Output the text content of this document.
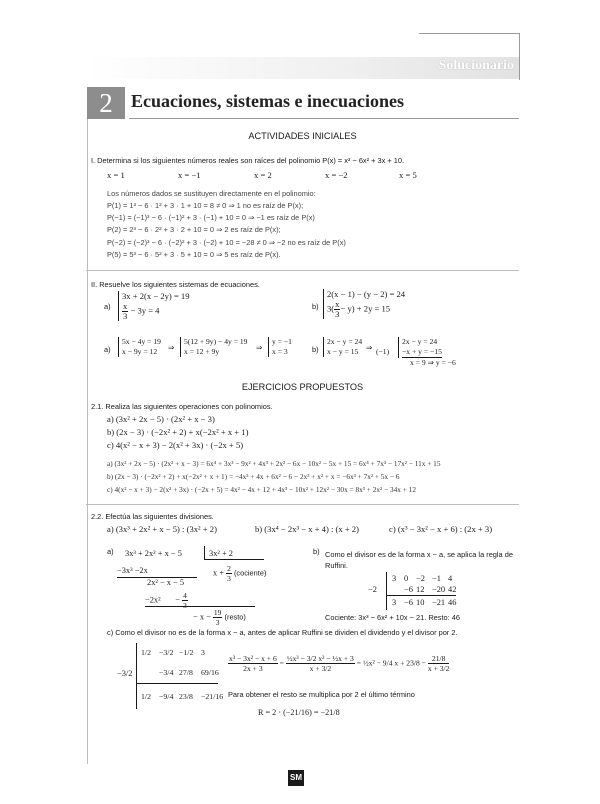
Solucionario
2	Ecuaciones, sistemas e inecuaciones
ACTIVIDADES INICIALES
I. Determina si los siguientes números reales son raíces del polinomio P(x) = x³ − 6x² + 3x + 10.
x = 1	x = −1	x = 2	x = −2	x = 5
Los números dados se sustituyen directamente en el polinomio:
P(1) = 1³ − 6 · 1² + 3 · 1 + 10 = 8 ≠ 0 ⇒ 1 no es raíz de P(x);
P(−1) = (−1)³ − 6 · (−1)² + 3 · (−1) + 10 = 0 ⇒ −1 es raíz de P(x)
P(2) = 2³ − 6 · 2² + 3 · 2 + 10 = 0 ⇒ 2 es raíz de P(x);
P(−2) = (−2)³ − 6 · (−2)² + 3 · (−2) + 10 = −28 ≠ 0 ⇒ −2 no es raíz de P(x)
P(5) = 5³ − 6 · 5² + 3 · 5 + 10 = 0 ⇒ 5 es raíz de P(x).
II. Resuelve los siguientes sistemas de ecuaciones.
a)
3x + 2(x − 2y) = 19
$\frac{x}{3} - 3y = 4$	b)
2(x − 1) − (y − 2) = 24
$3( \frac{x}{3} - y) + 2y = 15$
a)
5x − 4y = 19
x − 9y = 12	⇒
5(12 + 9y) − 4y = 19
x = 12 + 9y	⇒
y = −1
x = 3	b)
2x − y = 24
x − y = 15	⇒ (−1)
2x − y = 24
−x + y = −15
x = 9 ⇒ y = −6
EJERCICIOS PROPUESTOS
2.1. Realiza las siguientes operaciones con polinomios.
a) (3x² + 2x − 5) · (2x² + x − 3)
b) (2x − 3) · (−2x² + 2) + x(−2x² + x + 1)
c) 4(x² − x + 3) − 2(x² + 3x) · (−2x + 5)
a) (3x² + 2x − 5) · (2x² + x − 3) = 6x⁴ + 3x³ − 9x² + 4x³ + 2x² − 6x − 10x² − 5x + 15 = 6x⁴ + 7x³ − 17x² − 11x + 15
b) (2x − 3) · (−2x² + 2) + x(−2x² + x + 1) = −4x³ + 4x + 6x² − 6 − 2x³ + x² + x = −6x³ + 7x² + 5x − 6
c) 4(x² − x + 3) − 2(x² + 3x) · (−2x + 5) = 4x² − 4x + 12 + 4x³ − 10x² + 12x² − 30x = 8x³ + 2x² − 34x + 12
2.2. Efectúa las siguientes divisiones.
a) (3x³ + 2x² + x − 5) : (3x² + 2)	b) (3x⁴ − 2x³ − x + 4) : (x + 2)	c) (x³ − 3x² − x + 6) : (2x + 3)
a) 3x³ + 2x² + x − 5	3x² + 2
−3x³ −2x
2x² − x − 5
−2x²       − 4
$x + \frac{2}{3}$ (cociente)
− $x - \frac{19}{3}$ (resto)
b) Como el divisor es de la forma x − a, se aplica la regla de Ruffini.
−2
3 0 −2 −1 4
−6 12 −20 42
3 −6 10 −21 46
Cociente: 3x³ − 6x² + 10x − 21. Resto: 46
c) Como el divisor no es de la forma x − a, antes de aplicar Ruffini se dividen el dividendo y el divisor por 2.
−3/2
1/2 −3/2 −1/2 3
−3/4 27/8 69/16
1/2 −9/4 23/8 −21/16
$\frac{\text{x³ − 3x² − x + 6}}{2x + 3} = \frac{\text{½x³ − 3/2 x² − ½x + 3}}{x + 3/2}$ = ½x² − 9/4 $x + 23/8 - \frac{21/8}{x + 3/2}$
Para obtener el resto se multiplica por 2 el último término
R = 2 · (−21/16) = −21/8
SM
